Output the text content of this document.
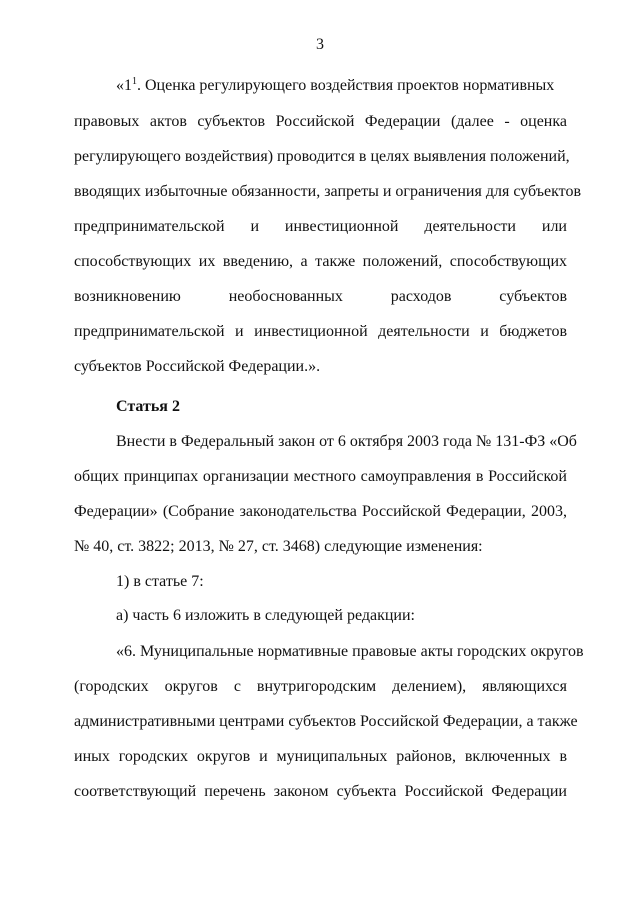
3
«$1^1$. Оценка регулирующего воздействия проектов нормативных
правовых актов субъектов Российской Федерации (далее - оценка
регулирующего воздействия) проводится в целях выявления положений,
вводящих избыточные обязанности, запреты и ограничения для субъектов
предпринимательской и инвестиционной деятельности или
способствующих их введению, а также положений, способствующих
возникновению необоснованных расходов субъектов
предпринимательской и инвестиционной деятельности и бюджетов
субъектов Российской Федерации.».
Статья 2
Внести в Федеральный закон от 6 октября 2003 года № 131-ФЗ «Об
общих принципах организации местного самоуправления в Российской
Федерации» (Собрание законодательства Российской Федерации, 2003,
№ 40, ст. 3822; 2013, № 27, ст. 3468) следующие изменения:
1) в статье 7:
а) часть 6 изложить в следующей редакции:
«6. Муниципальные нормативные правовые акты городских округов
(городских округов с внутригородским делением), являющихся
административными центрами субъектов Российской Федерации, а также
иных городских округов и муниципальных районов, включенных в
соответствующий перечень законом субъекта Российской Федерации
